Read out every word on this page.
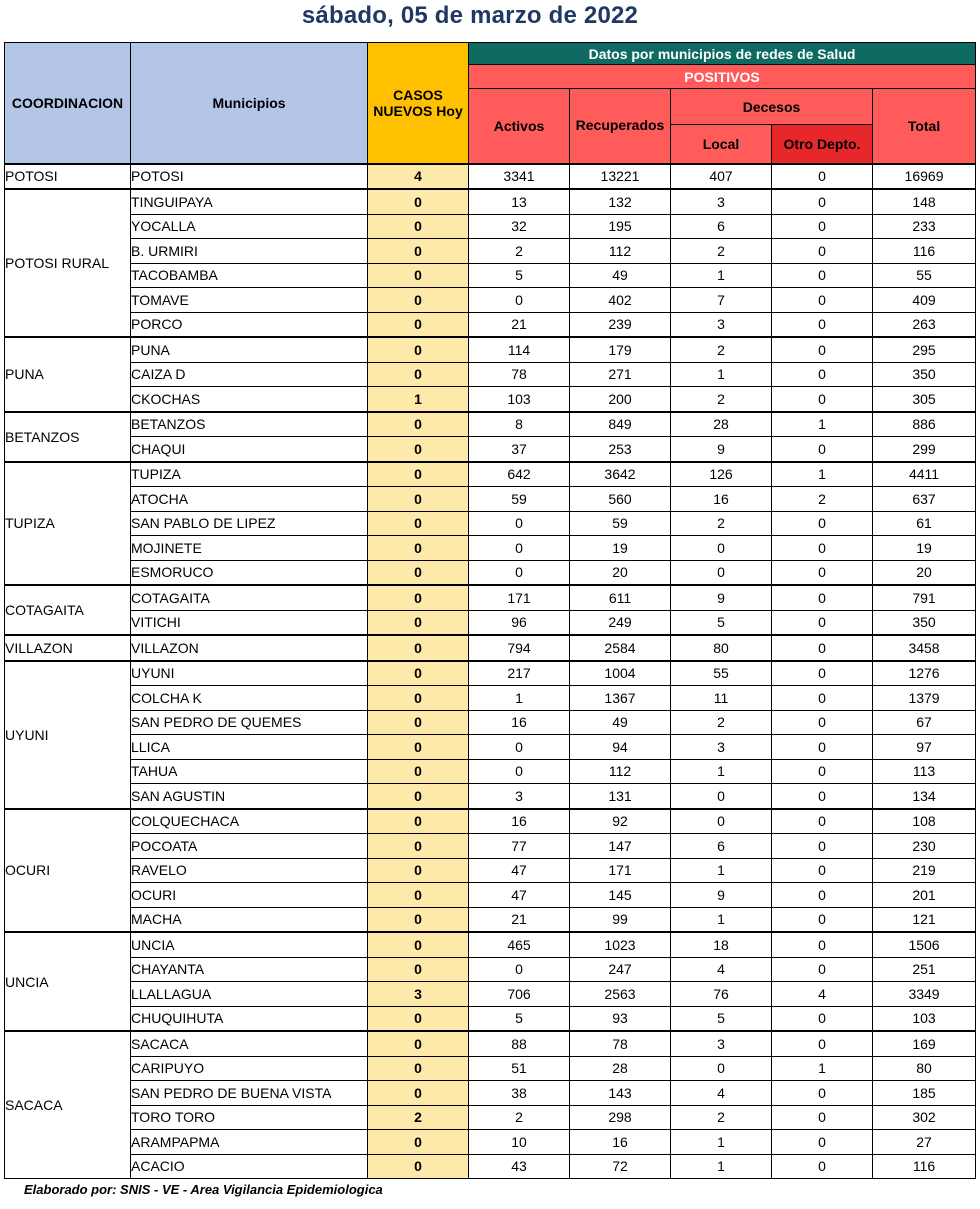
sábado, 05 de marzo de 2022
COORDINACION	Municipios	CASOS NUEVOS Hoy	Datos por municipios de redes de Salud				
			POSITIVOS				
			Activos	Recuperados	Decesos		Total
					Local	Otro Depto.	
POTOSI	POTOSI	4	3341	13221	407	0	16969
POTOSI RURAL	TINGUIPAYA	0	13	132	3	0	148
	YOCALLA	0	32	195	6	0	233
	B. URMIRI	0	2	112	2	0	116
	TACOBAMBA	0	5	49	1	0	55
	TOMAVE	0	0	402	7	0	409
	PORCO	0	21	239	3	0	263
PUNA	PUNA	0	114	179	2	0	295
	CAIZA D	0	78	271	1	0	350
	CKOCHAS	1	103	200	2	0	305
BETANZOS	BETANZOS	0	8	849	28	1	886
	CHAQUI	0	37	253	9	0	299
TUPIZA	TUPIZA	0	642	3642	126	1	4411
	ATOCHA	0	59	560	16	2	637
	SAN PABLO DE LIPEZ	0	0	59	2	0	61
	MOJINETE	0	0	19	0	0	19
	ESMORUCO	0	0	20	0	0	20
COTAGAITA	COTAGAITA	0	171	611	9	0	791
	VITICHI	0	96	249	5	0	350
VILLAZON	VILLAZON	0	794	2584	80	0	3458
UYUNI	UYUNI	0	217	1004	55	0	1276
	COLCHA K	0	1	1367	11	0	1379
	SAN PEDRO DE QUEMES	0	16	49	2	0	67
	LLICA	0	0	94	3	0	97
	TAHUA	0	0	112	1	0	113
	SAN AGUSTIN	0	3	131	0	0	134
OCURI	COLQUECHACA	0	16	92	0	0	108
	POCOATA	0	77	147	6	0	230
	RAVELO	0	47	171	1	0	219
	OCURI	0	47	145	9	0	201
	MACHA	0	21	99	1	0	121
UNCIA	UNCIA	0	465	1023	18	0	1506
	CHAYANTA	0	0	247	4	0	251
	LLALLAGUA	3	706	2563	76	4	3349
	CHUQUIHUTA	0	5	93	5	0	103
SACACA	SACACA	0	88	78	3	0	169
	CARIPUYO	0	51	28	0	1	80
	SAN PEDRO DE BUENA VISTA	0	38	143	4	0	185
	TORO TORO	2	2	298	2	0	302
	ARAMPAPMA	0	10	16	1	0	27
	ACACIO	0	43	72	1	0	116
Elaborado por: SNIS - VE - Area Vigilancia Epidemiologica
